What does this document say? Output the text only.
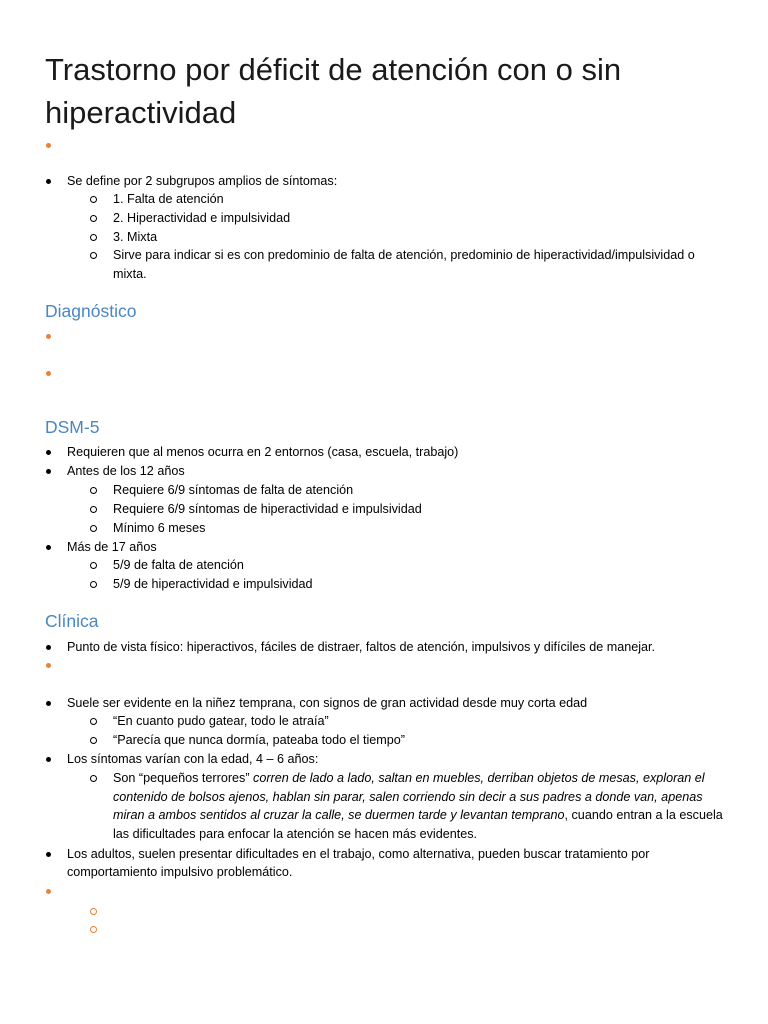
Trastorno por déficit de atención con o sin
hiperactividad
Se define por 2 subgrupos amplios de síntomas:
1. Falta de atención
2. Hiperactividad e impulsividad
3. Mixta
Sirve para indicar si es con predominio de falta de atención, predominio de hiperactividad/impulsividad o
mixta.
Diagnóstico
DSM-5
Requieren que al menos ocurra en 2 entornos (casa, escuela, trabajo)
Antes de los 12 años
Requiere 6/9 síntomas de falta de atención
Requiere 6/9 síntomas de hiperactividad e impulsividad
Mínimo 6 meses
Más de 17 años
5/9 de falta de atención
5/9 de hiperactividad e impulsividad
Clínica
Punto de vista físico: hiperactivos, fáciles de distraer, faltos de atención, impulsivos y difíciles de manejar.
Suele ser evidente en la niñez temprana, con signos de gran actividad desde muy corta edad
“En cuanto pudo gatear, todo le atraía”
“Parecía que nunca dormía, pateaba todo el tiempo”
Los síntomas varían con la edad, 4 – 6 años:
Son “pequeños terrores” corren de lado a lado, saltan en muebles, derriban objetos de mesas, exploran el
contenido de bolsos ajenos, hablan sin parar, salen corriendo sin decir a sus padres a donde van, apenas
miran a ambos sentidos al cruzar la calle, se duermen tarde y levantan temprano, cuando entran a la escuela
las dificultades para enfocar la atención se hacen más evidentes.
Los adultos, suelen presentar dificultades en el trabajo, como alternativa, pueden buscar tratamiento por
comportamiento impulsivo problemático.
